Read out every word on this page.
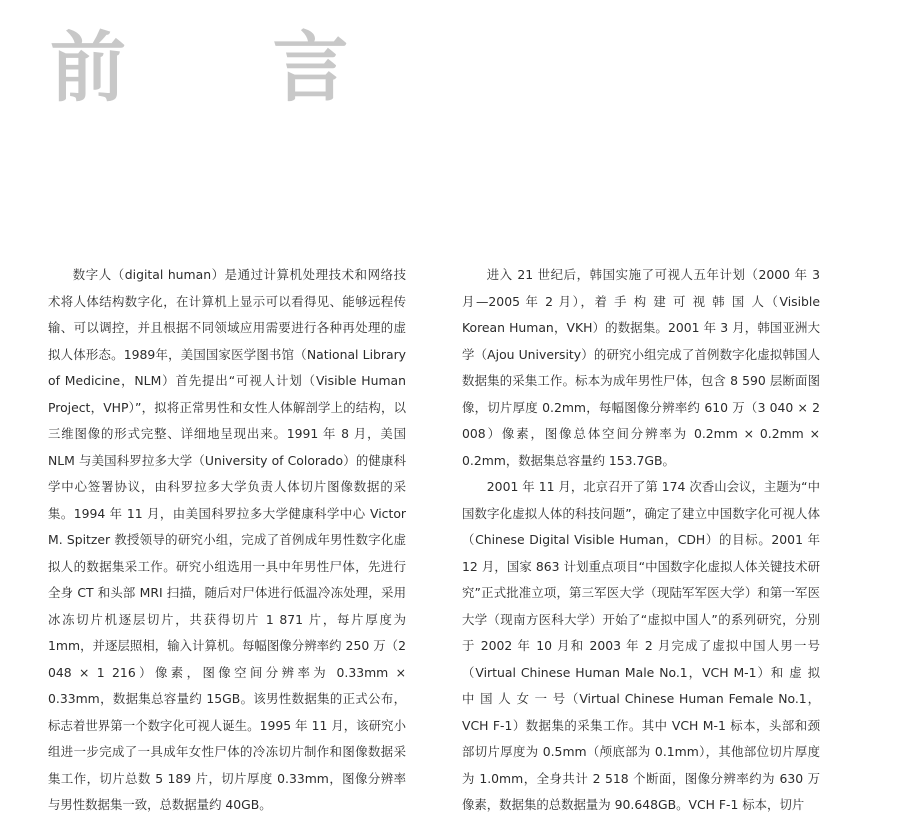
前 言

数字人（digital human）是通过计算机处理技术和网络技术将人体结构数字化，在计算机上显示可以看得见、能够远程传输、可以调控，并且根据不同领域应用需要进行各种再处理的虚拟人体形态。1989年，美国国家医学图书馆（National Library of Medicine，NLM）首先提出“可视人计划（Visible Human Project，VHP）”，拟将正常男性和女性人体解剖学上的结构，以三维图像的形式完整、详细地呈现出来。1991 年 8 月，美国 NLM 与美国科罗拉多大学（University of Colorado）的健康科学中心签署协议，由科罗拉多大学负责人体切片图像数据的采集。1994 年 11 月，由美国科罗拉多大学健康科学中心 Victor M. Spitzer 教授领导的研究小组，完成了首例成年男性数字化虚拟人的数据集采工作。研究小组选用一具中年男性尸体，先进行全身 CT 和头部 MRI 扫描，随后对尸体进行低温冷冻处理，采用冰冻切片机逐层切片，共获得切片 1 871 片，每片厚度为 1mm，并逐层照相，输入计算机。每幅图像分辨率约 250 万（2 048 × 1 216）像素，图像空间分辨率为 0.33mm × 0.33mm，数据集总容量约 15GB。该男性数据集的正式公布，标志着世界第一个数字化可视人诞生。1995 年 11 月，该研究小组进一步完成了一具成年女性尸体的冷冻切片制作和图像数据采集工作，切片总数 5 189 片，切片厚度 0.33mm，图像分辨率与男性数据集一致，总数据量约 40GB。

进入 21 世纪后，韩国实施了可视人五年计划（2000 年 3 月—2005 年 2 月），着 手 构 建 可 视 韩 国 人（Visible Korean Human，VKH）的数据集。2001 年 3 月，韩国亚洲大学（Ajou University）的研究小组完成了首例数字化虚拟韩国人数据集的采集工作。标本为成年男性尸体，包含 8 590 层断面图像，切片厚度 0.2mm，每幅图像分辨率约 610 万（3 040 × 2 008）像素，图像总体空间分辨率为 0.2mm × 0.2mm × 0.2mm，数据集总容量约 153.7GB。

2001 年 11 月，北京召开了第 174 次香山会议，主题为“中国数字化虚拟人体的科技问题”，确定了建立中国数字化可视人体（Chinese Digital Visible Human，CDH）的目标。2001 年 12 月，国家 863 计划重点项目“中国数字化虚拟人体关键技术研究”正式批准立项，第三军医大学（现陆军军医大学）和第一军医大学（现南方医科大学）开始了“虚拟中国人”的系列研究，分别于 2002 年 10 月和 2003 年 2 月完成了虚拟中国人男一号（Virtual Chinese Human Male No.1，VCH M-1）和 虚 拟 中 国 人 女 一 号（Virtual Chinese Human Female No.1，VCH F-1）数据集的采集工作。其中 VCH M-1 标本，头部和颈部切片厚度为 0.5mm（颅底部为 0.1mm），其他部位切片厚度为 1.0mm，全身共计 2 518 个断面，图像分辨率约为 630 万像素，数据集的总数据量为 90.648GB。VCH F-1 标本，切片
